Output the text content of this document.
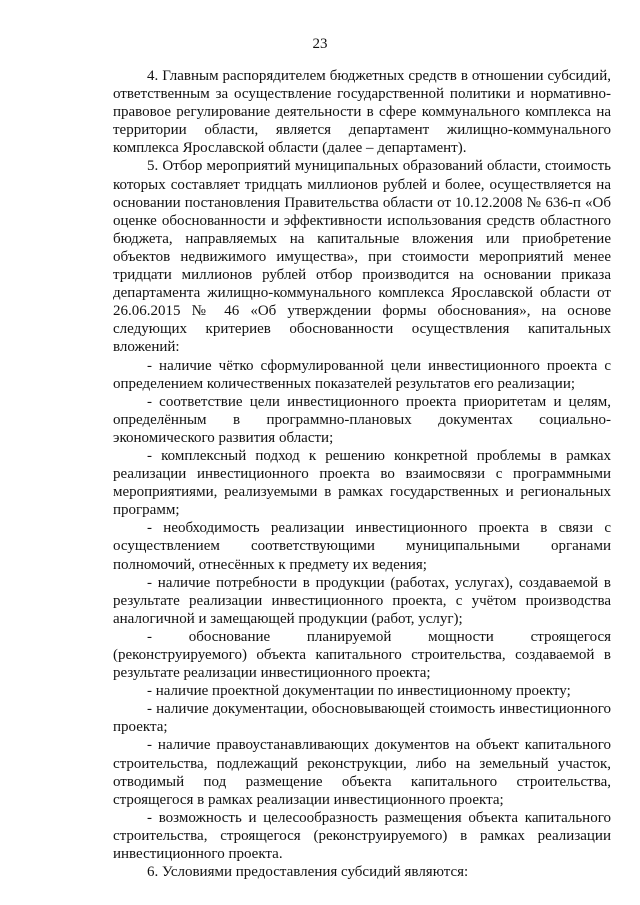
23

4. Главным распорядителем бюджетных средств в отношении субсидий, ответственным за осуществление государственной политики и нормативно-правовое регулирование деятельности в сфере коммунального комплекса на территории области, является департамент жилищно-коммунального комплекса Ярославской области (далее – департамент).

5. Отбор мероприятий муниципальных образований области, стоимость которых составляет тридцать миллионов рублей и более, осуществляется на основании постановления Правительства области от 10.12.2008 № 636-п «Об оценке обоснованности и эффективности использования средств областного бюджета, направляемых на капитальные вложения или приобретение объектов недвижимого имущества», при стоимости мероприятий менее тридцати миллионов рублей отбор производится на основании приказа департамента жилищно-коммунального комплекса Ярославской области от 26.06.2015 № 46 «Об утверждении формы обоснования», на основе следующих критериев обоснованности осуществления капитальных вложений:

- наличие чётко сформулированной цели инвестиционного проекта с определением количественных показателей результатов его реализации;

- соответствие цели инвестиционного проекта приоритетам и целям, определённым в программно-плановых документах социально-экономического развития области;

- комплексный подход к решению конкретной проблемы в рамках реализации инвестиционного проекта во взаимосвязи с программными мероприятиями, реализуемыми в рамках государственных и региональных программ;

- необходимость реализации инвестиционного проекта в связи с осуществлением соответствующими муниципальными органами полномочий, отнесённых к предмету их ведения;

- наличие потребности в продукции (работах, услугах), создаваемой в результате реализации инвестиционного проекта, с учётом производства аналогичной и замещающей продукции (работ, услуг);

- обоснование планируемой мощности строящегося (реконструируемого) объекта капитального строительства, создаваемой в результате реализации инвестиционного проекта;

- наличие проектной документации по инвестиционному проекту;

- наличие документации, обосновывающей стоимость инвестиционного проекта;

- наличие правоустанавливающих документов на объект капитального строительства, подлежащий реконструкции, либо на земельный участок, отводимый под размещение объекта капитального строительства, строящегося в рамках реализации инвестиционного проекта;

- возможность и целесообразность размещения объекта капитального строительства, строящегося (реконструируемого) в рамках реализации инвестиционного проекта.

6. Условиями предоставления субсидий являются:
